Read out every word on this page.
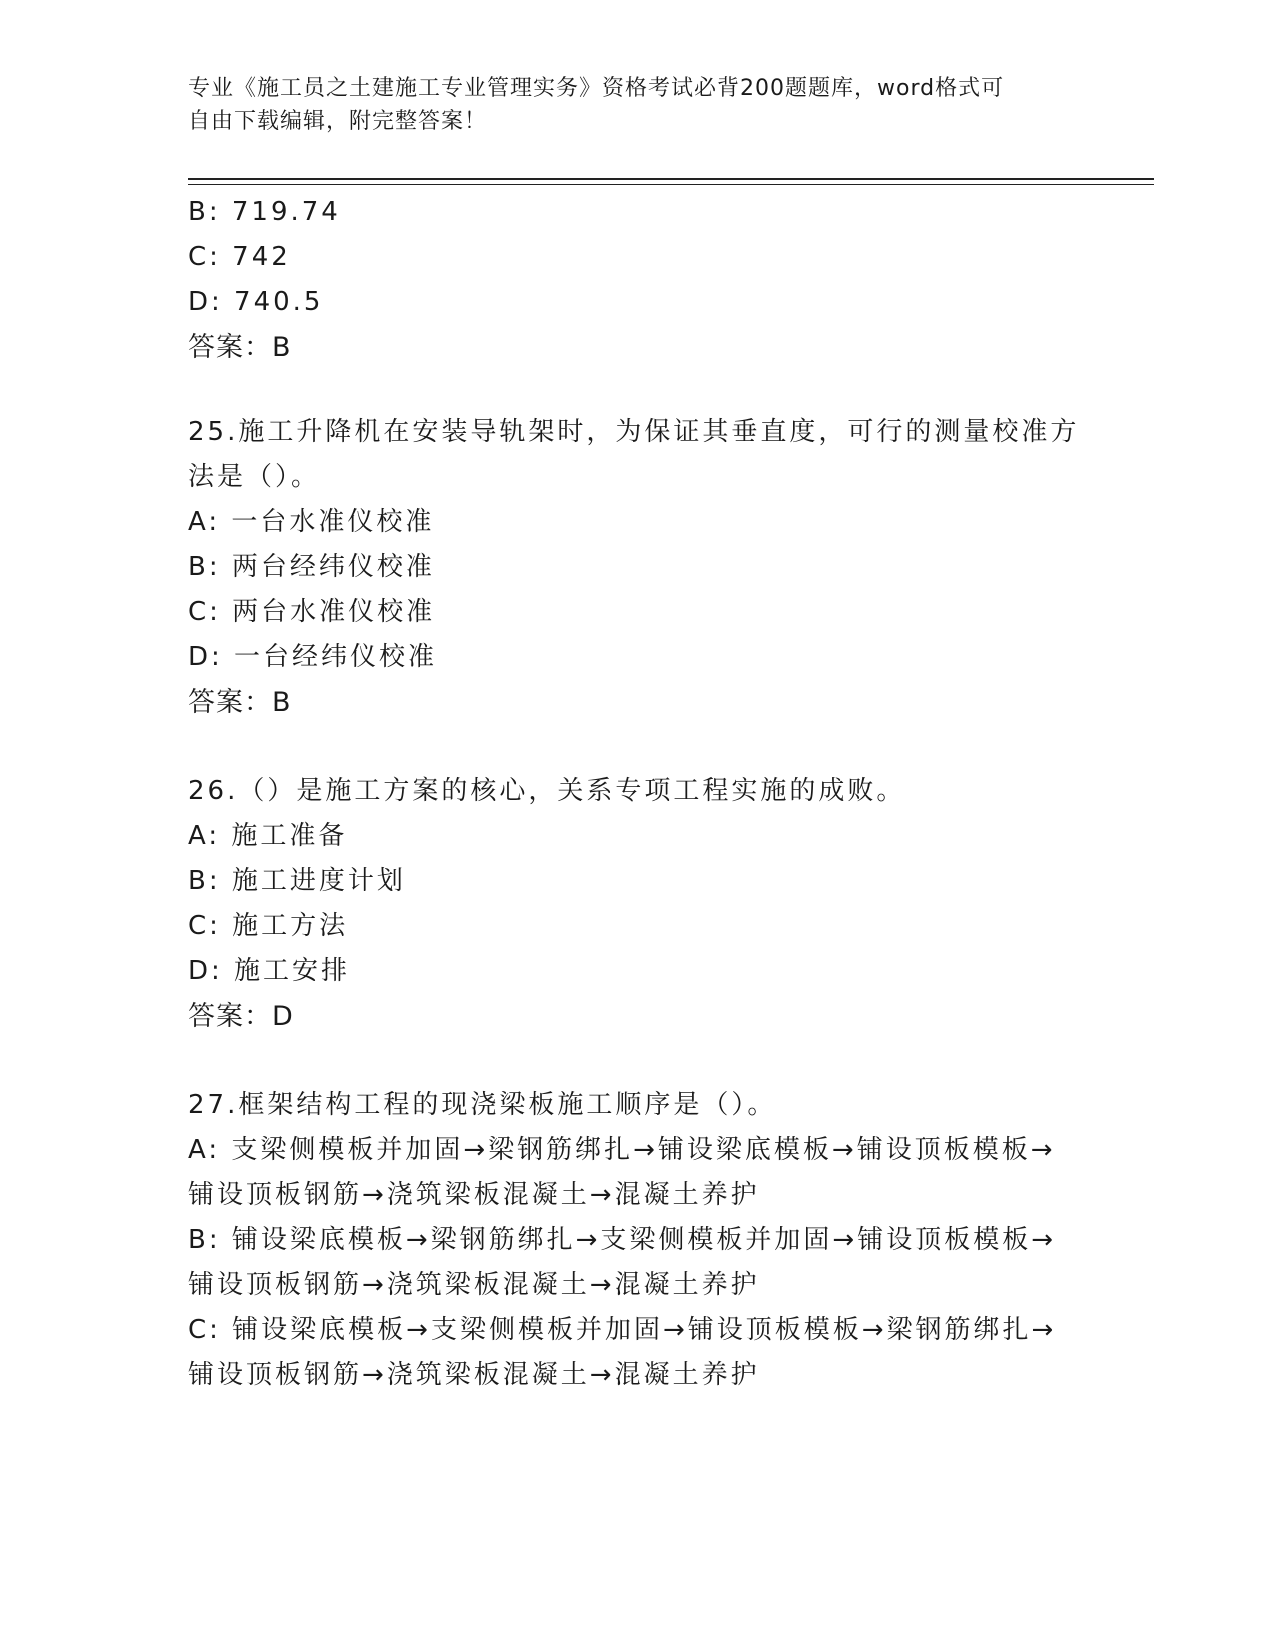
专业《施工员之土建施工专业管理实务》资格考试必背200题题库，word格式可
自由下载编辑，附完整答案！
B: 719.74
C: 742
D: 740.5
答案：B
25.施工升降机在安装导轨架时，为保证其垂直度，可行的测量校准方
法是（）。
A: 一台水准仪校准
B: 两台经纬仪校准
C: 两台水准仪校准
D: 一台经纬仪校准
答案：B
26.（）是施工方案的核心，关系专项工程实施的成败。
A: 施工准备
B: 施工进度计划
C: 施工方法
D: 施工安排
答案：D
27.框架结构工程的现浇梁板施工顺序是（）。
A: 支梁侧模板并加固→梁钢筋绑扎→铺设梁底模板→铺设顶板模板→
铺设顶板钢筋→浇筑梁板混凝土→混凝土养护
B: 铺设梁底模板→梁钢筋绑扎→支梁侧模板并加固→铺设顶板模板→
铺设顶板钢筋→浇筑梁板混凝土→混凝土养护
C: 铺设梁底模板→支梁侧模板并加固→铺设顶板模板→梁钢筋绑扎→
铺设顶板钢筋→浇筑梁板混凝土→混凝土养护
